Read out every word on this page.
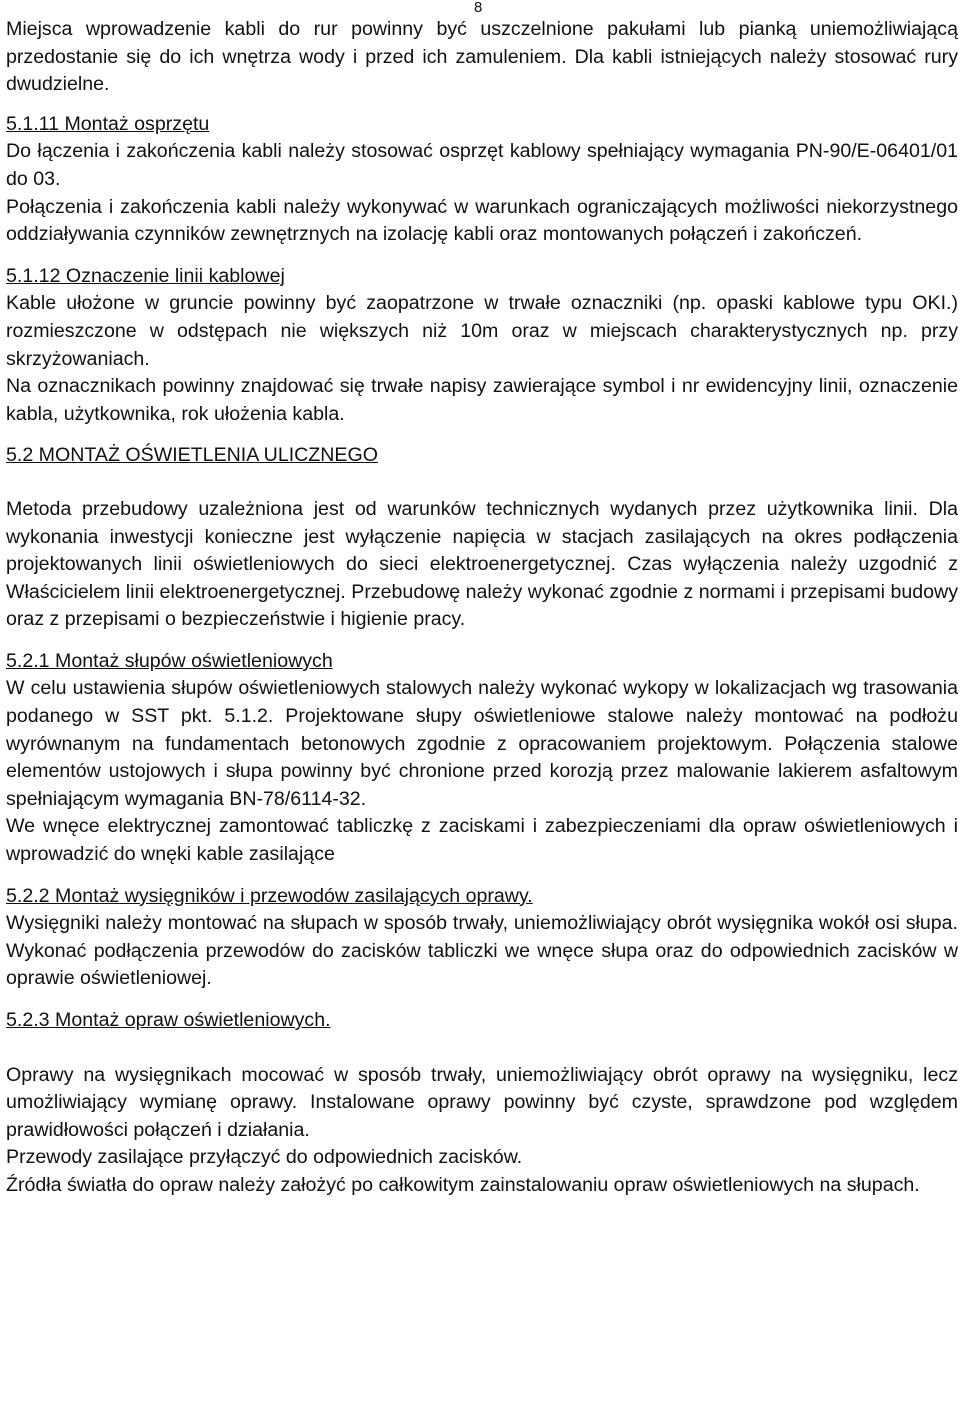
8

Miejsca wprowadzenie kabli do rur powinny być uszczelnione pakułami lub pianką uniemożliwiającą przedostanie się do ich wnętrza wody i przed ich zamuleniem. Dla kabli istniejących należy stosować rury dwudzielne.

5.1.11 Montaż osprzętu

Do łączenia i zakończenia kabli należy stosować osprzęt kablowy spełniający wymagania PN-90/E-06401/01 do 03.

Połączenia i zakończenia kabli należy wykonywać w warunkach ograniczających możliwości niekorzystnego oddziaływania czynników zewnętrznych na izolację kabli oraz montowanych połączeń i zakończeń.

5.1.12 Oznaczenie linii kablowej

Kable ułożone w gruncie powinny być zaopatrzone w trwałe oznaczniki (np. opaski kablowe typu OKI.) rozmieszczone w odstępach nie większych niż 10m oraz w miejscach charakterystycznych np. przy skrzyżowaniach.

Na oznacznikach powinny znajdować się trwałe napisy zawierające symbol i nr ewidencyjny linii, oznaczenie kabla, użytkownika, rok ułożenia kabla.

5.2 MONTAŻ OŚWIETLENIA ULICZNEGO

Metoda przebudowy uzależniona jest od warunków technicznych wydanych przez użytkownika linii. Dla wykonania inwestycji konieczne jest wyłączenie napięcia w stacjach zasilających na okres podłączenia projektowanych linii oświetleniowych do sieci elektroenergetycznej. Czas wyłączenia należy uzgodnić z Właścicielem linii elektroenergetycznej. Przebudowę należy wykonać zgodnie z normami i przepisami budowy oraz z przepisami o bezpieczeństwie i higienie pracy.

5.2.1 Montaż słupów oświetleniowych

W celu ustawienia słupów oświetleniowych stalowych należy wykonać wykopy w lokalizacjach wg trasowania podanego w SST pkt. 5.1.2. Projektowane słupy oświetleniowe stalowe należy montować na podłożu wyrównanym na fundamentach betonowych zgodnie z opracowaniem projektowym. Połączenia stalowe elementów ustojowych i słupa powinny być chronione przed korozją przez malowanie lakierem asfaltowym spełniającym wymagania BN-78/6114-32.

We wnęce elektrycznej zamontować tabliczkę z zaciskami i zabezpieczeniami dla opraw oświetleniowych i wprowadzić do wnęki kable zasilające

5.2.2 Montaż wysięgników i przewodów zasilających oprawy.

Wysięgniki należy montować na słupach w sposób trwały, uniemożliwiający obrót wysięgnika wokół osi słupa. Wykonać podłączenia przewodów do zacisków tabliczki we wnęce słupa oraz do odpowiednich zacisków w oprawie oświetleniowej.

5.2.3 Montaż opraw oświetleniowych.

Oprawy na wysięgnikach mocować w sposób trwały, uniemożliwiający obrót oprawy na wysięgniku, lecz umożliwiający wymianę oprawy. Instalowane oprawy powinny być czyste, sprawdzone pod względem prawidłowości połączeń i działania.

Przewody zasilające przyłączyć do odpowiednich zacisków.

Źródła światła do opraw należy założyć po całkowitym zainstalowaniu opraw oświetleniowych na słupach.
